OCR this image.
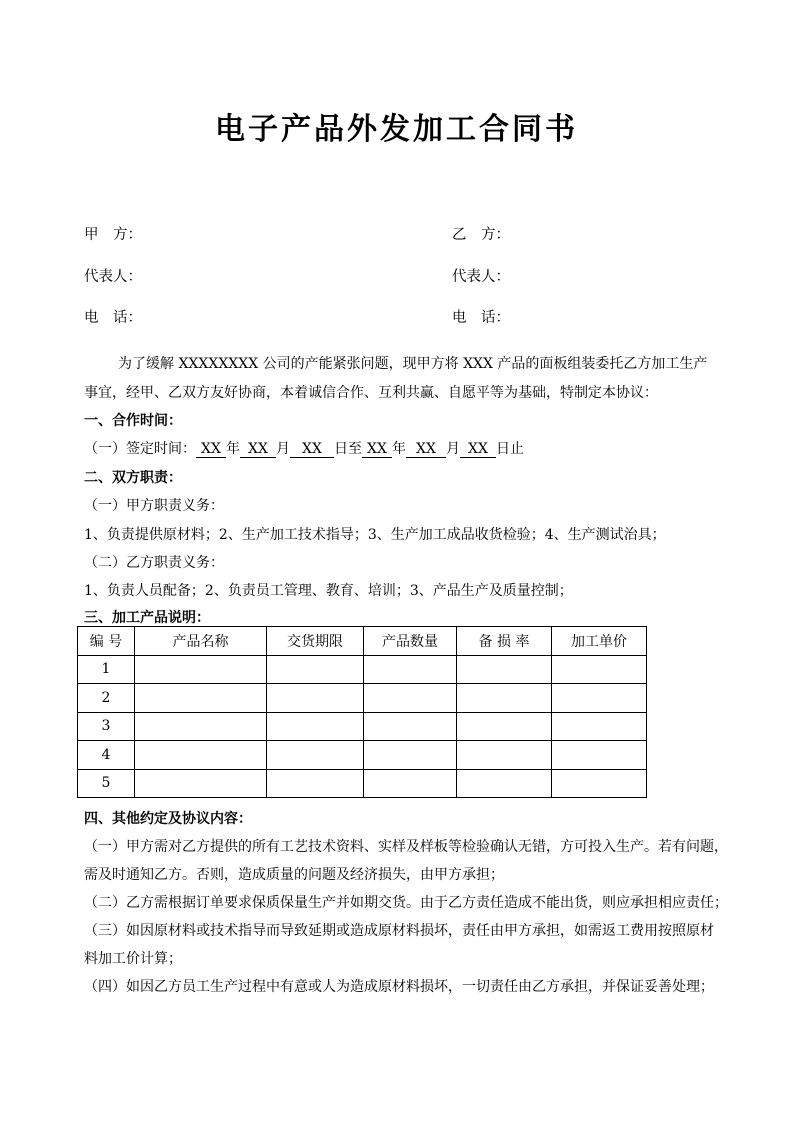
电子产品外发加工合同书
甲　方：	乙　方：
代表人：	代表人：
电　话：	电　话：
为了缓解 XXXXXXXX 公司的产能紧张问题，现甲方将 XXX 产品的面板组装委托乙方加工生产
事宜，经甲、乙双方友好协商，本着诚信合作、互利共赢、自愿平等为基础，特制定本协议：
一、合作时间：
（一）签定时间： XX 年 XX 月 XX 日至 XX 年 XX 月 XX 日止
二、双方职责：
（一）甲方职责义务：
1、负责提供原材料；2、生产加工技术指导；3、生产加工成品收货检验；4、生产测试治具；
（二）乙方职责义务：
1、负责人员配备；2、负责员工管理、教育、培训；3、产品生产及质量控制；
三、加工产品说明：
编 号	产品名称	交货期限	产品数量	备 损 率	加工单价
1					
2					
3					
4					
5					
四、其他约定及协议内容：
（一）甲方需对乙方提供的所有工艺技术资料、实样及样板等检验确认无错，方可投入生产。若有问题，
需及时通知乙方。否则，造成质量的问题及经济损失，由甲方承担；
（二）乙方需根据订单要求保质保量生产并如期交货。由于乙方责任造成不能出货，则应承担相应责任；
（三）如因原材料或技术指导而导致延期或造成原材料损坏，责任由甲方承担，如需返工费用按照原材
料加工价计算；
（四）如因乙方员工生产过程中有意或人为造成原材料损坏，一切责任由乙方承担，并保证妥善处理；
